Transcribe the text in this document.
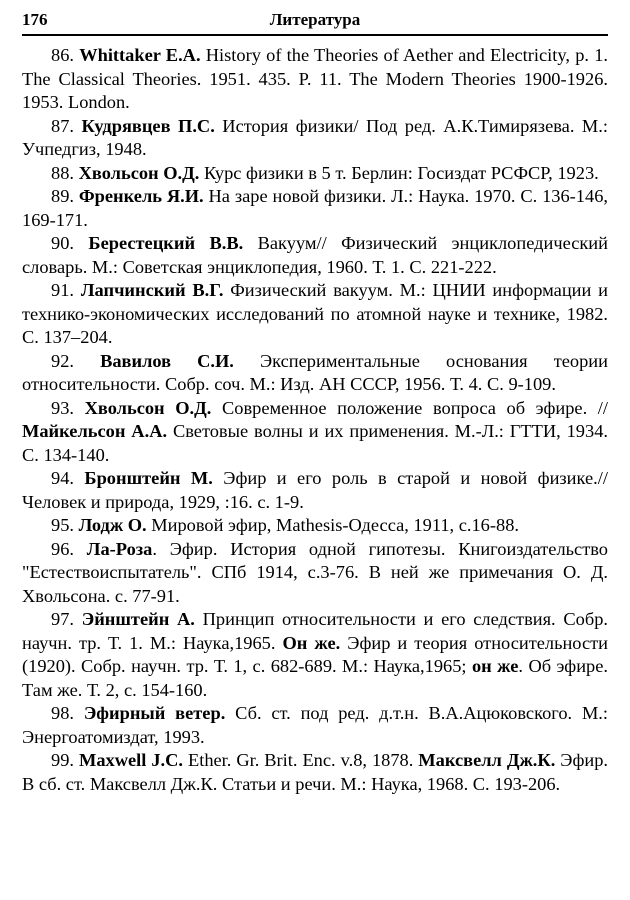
176	Литература

86. Whittaker E.A. History of the Theories of Aether and Electricity, p. 1. The Classical Theories. 1951. 435. P. 11. The Modern Theories 1900-1926. 1953. London.

87. Кудрявцев П.С. История физики/ Под ред. А.К.Тимирязева. М.: Учпедгиз, 1948.

88. Хвольсон О.Д. Курс физики в 5 т. Берлин: Госиздат РСФСР, 1923.

89. Френкель Я.И. На заре новой физики. Л.: Наука. 1970. С. 136-146, 169-171.

90. Берестецкий В.В. Вакуум// Физический энциклопедический словарь. М.: Советская энциклопедия, 1960. Т. 1. С. 221-222.

91. Лапчинский В.Г. Физический вакуум. М.: ЦНИИ информации и технико-экономических исследований по атомной науке и технике, 1982. С. 137–204.

92. Вавилов С.И. Экспериментальные основания теории относительности. Собр. соч. М.: Изд. АН СССР, 1956. Т. 4. С. 9-109.

93. Хвольсон О.Д. Современное положение вопроса об эфире. // Майкельсон А.А. Световые волны и их применения. М.-Л.: ГТТИ, 1934. С. 134-140.

94. Бронштейн М. Эфир и его роль в старой и новой физике.// Человек и природа, 1929, :16. с. 1-9.

95. Лодж О. Мировой эфир, Mathesis-Одесса, 1911, с.16-88.

96. Ла-Роза. Эфир. История одной гипотезы. Книгоиздательство "Естествоиспытатель". СПб 1914, с.3-76. В ней же примечания О. Д. Хвольсона. с. 77-91.

97. Эйнштейн А. Принцип относительности и его следствия. Собр. научн. тр. Т. 1. М.: Наука,1965. Он же. Эфир и теория относительности (1920). Собр. научн. тр. Т. 1, с. 682-689. М.: Наука,1965; он же. Об эфире. Там же. Т. 2, с. 154-160.

98. Эфирный ветер. Сб. ст. под ред. д.т.н. В.А.Ацюковского. М.: Энергоатомиздат, 1993.

99. Maxwell J.C. Ether. Gr. Brit. Enc. v.8, 1878. Максвелл Дж.К. Эфир. В сб. ст. Максвелл Дж.К. Статьи и речи. М.: Наука, 1968. С. 193-206.
